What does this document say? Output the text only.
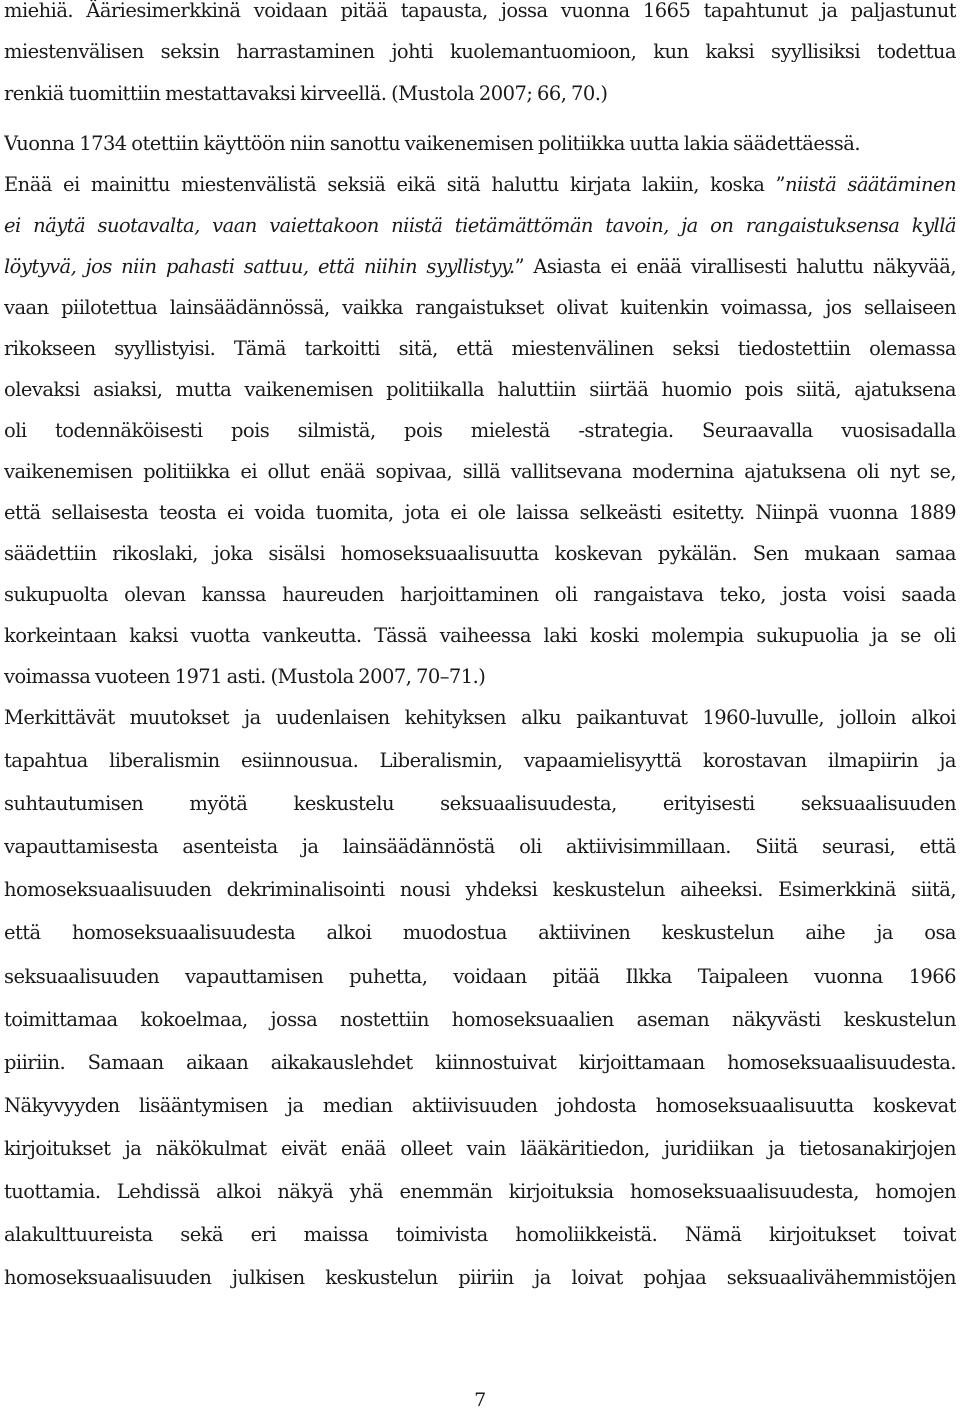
miehiä. Ääriesimerkkinä voidaan pitää tapausta, jossa vuonna 1665 tapahtunut ja paljastunut
miestenvälisen seksin harrastaminen johti kuolemantuomioon, kun kaksi syyllisiksi todettua
renkiä tuomittiin mestattavaksi kirveellä. (Mustola 2007; 66, 70.)
Vuonna 1734 otettiin käyttöön niin sanottu vaikenemisen politiikka uutta lakia säädettäessä.
Enää ei mainittu miestenvälistä seksiä eikä sitä haluttu kirjata lakiin, koska ”niistä säätäminen
ei näytä suotavalta, vaan vaiettakoon niistä tietämättömän tavoin, ja on rangaistuksensa kyllä
löytyvä, jos niin pahasti sattuu, että niihin syyllistyy.” Asiasta ei enää virallisesti haluttu näkyvää,
vaan piilotettua lainsäädännössä, vaikka rangaistukset olivat kuitenkin voimassa, jos sellaiseen
rikokseen syyllistyisi. Tämä tarkoitti sitä, että miestenvälinen seksi tiedostettiin olemassa
olevaksi asiaksi, mutta vaikenemisen politiikalla haluttiin siirtää huomio pois siitä, ajatuksena
oli todennäköisesti pois silmistä, pois mielestä -strategia. Seuraavalla vuosisadalla
vaikenemisen politiikka ei ollut enää sopivaa, sillä vallitsevana modernina ajatuksena oli nyt se,
että sellaisesta teosta ei voida tuomita, jota ei ole laissa selkeästi esitetty. Niinpä vuonna 1889
säädettiin rikoslaki, joka sisälsi homoseksuaalisuutta koskevan pykälän. Sen mukaan samaa
sukupuolta olevan kanssa haureuden harjoittaminen oli rangaistava teko, josta voisi saada
korkeintaan kaksi vuotta vankeutta. Tässä vaiheessa laki koski molempia sukupuolia ja se oli
voimassa vuoteen 1971 asti. (Mustola 2007, 70–71.)
Merkittävät muutokset ja uudenlaisen kehityksen alku paikantuvat 1960-luvulle, jolloin alkoi
tapahtua liberalismin esiinnousua. Liberalismin, vapaamielisyyttä korostavan ilmapiirin ja
suhtautumisen myötä keskustelu seksuaalisuudesta, erityisesti seksuaalisuuden
vapauttamisesta asenteista ja lainsäädännöstä oli aktiivisimmillaan. Siitä seurasi, että
homoseksuaalisuuden dekriminalisointi nousi yhdeksi keskustelun aiheeksi. Esimerkkinä siitä,
että homoseksuaalisuudesta alkoi muodostua aktiivinen keskustelun aihe ja osa
seksuaalisuuden vapauttamisen puhetta, voidaan pitää Ilkka Taipaleen vuonna 1966
toimittamaa kokoelmaa, jossa nostettiin homoseksuaalien aseman näkyvästi keskustelun
piiriin. Samaan aikaan aikakauslehdet kiinnostuivat kirjoittamaan homoseksuaalisuudesta.
Näkyvyyden lisääntymisen ja median aktiivisuuden johdosta homoseksuaalisuutta koskevat
kirjoitukset ja näkökulmat eivät enää olleet vain lääkäritiedon, juridiikan ja tietosanakirjojen
tuottamia. Lehdissä alkoi näkyä yhä enemmän kirjoituksia homoseksuaalisuudesta, homojen
alakulttuureista sekä eri maissa toimivista homoliikkeistä. Nämä kirjoitukset toivat
homoseksuaalisuuden julkisen keskustelun piiriin ja loivat pohjaa seksuaalivähemmistöjen
7
